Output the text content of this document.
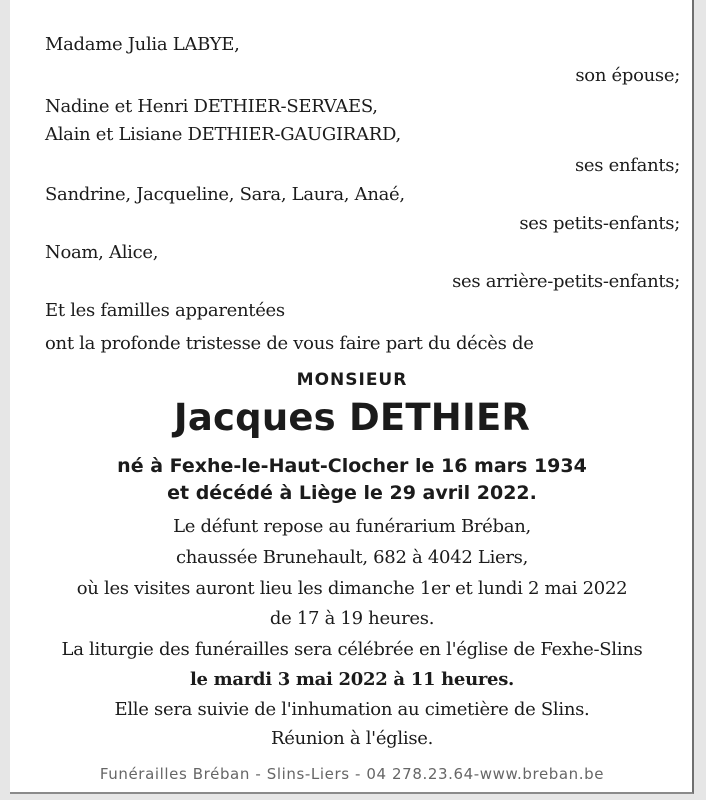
Madame Julia LABYE,
son épouse;
Nadine et Henri DETHIER-SERVAES,
Alain et Lisiane DETHIER-GAUGIRARD,
ses enfants;
Sandrine, Jacqueline, Sara, Laura, Anaé,
ses petits-enfants;
Noam, Alice,
ses arrière-petits-enfants;
Et les familles apparentées
ont la profonde tristesse de vous faire part du décès de
MONSIEUR
Jacques DETHIER
né à Fexhe-le-Haut-Clocher le 16 mars 1934
et décédé à Liège le 29 avril 2022.
Le défunt repose au funérarium Bréban,
chaussée Brunehault, 682 à 4042 Liers,
où les visites auront lieu les dimanche 1er et lundi 2 mai 2022
de 17 à 19 heures.
La liturgie des funérailles sera célébrée en l'église de Fexhe-Slins
le mardi 3 mai 2022 à 11 heures.
Elle sera suivie de l'inhumation au cimetière de Slins.
Réunion à l'église.
Funérailles Bréban - Slins-Liers - 04 278.23.64-www.breban.be
